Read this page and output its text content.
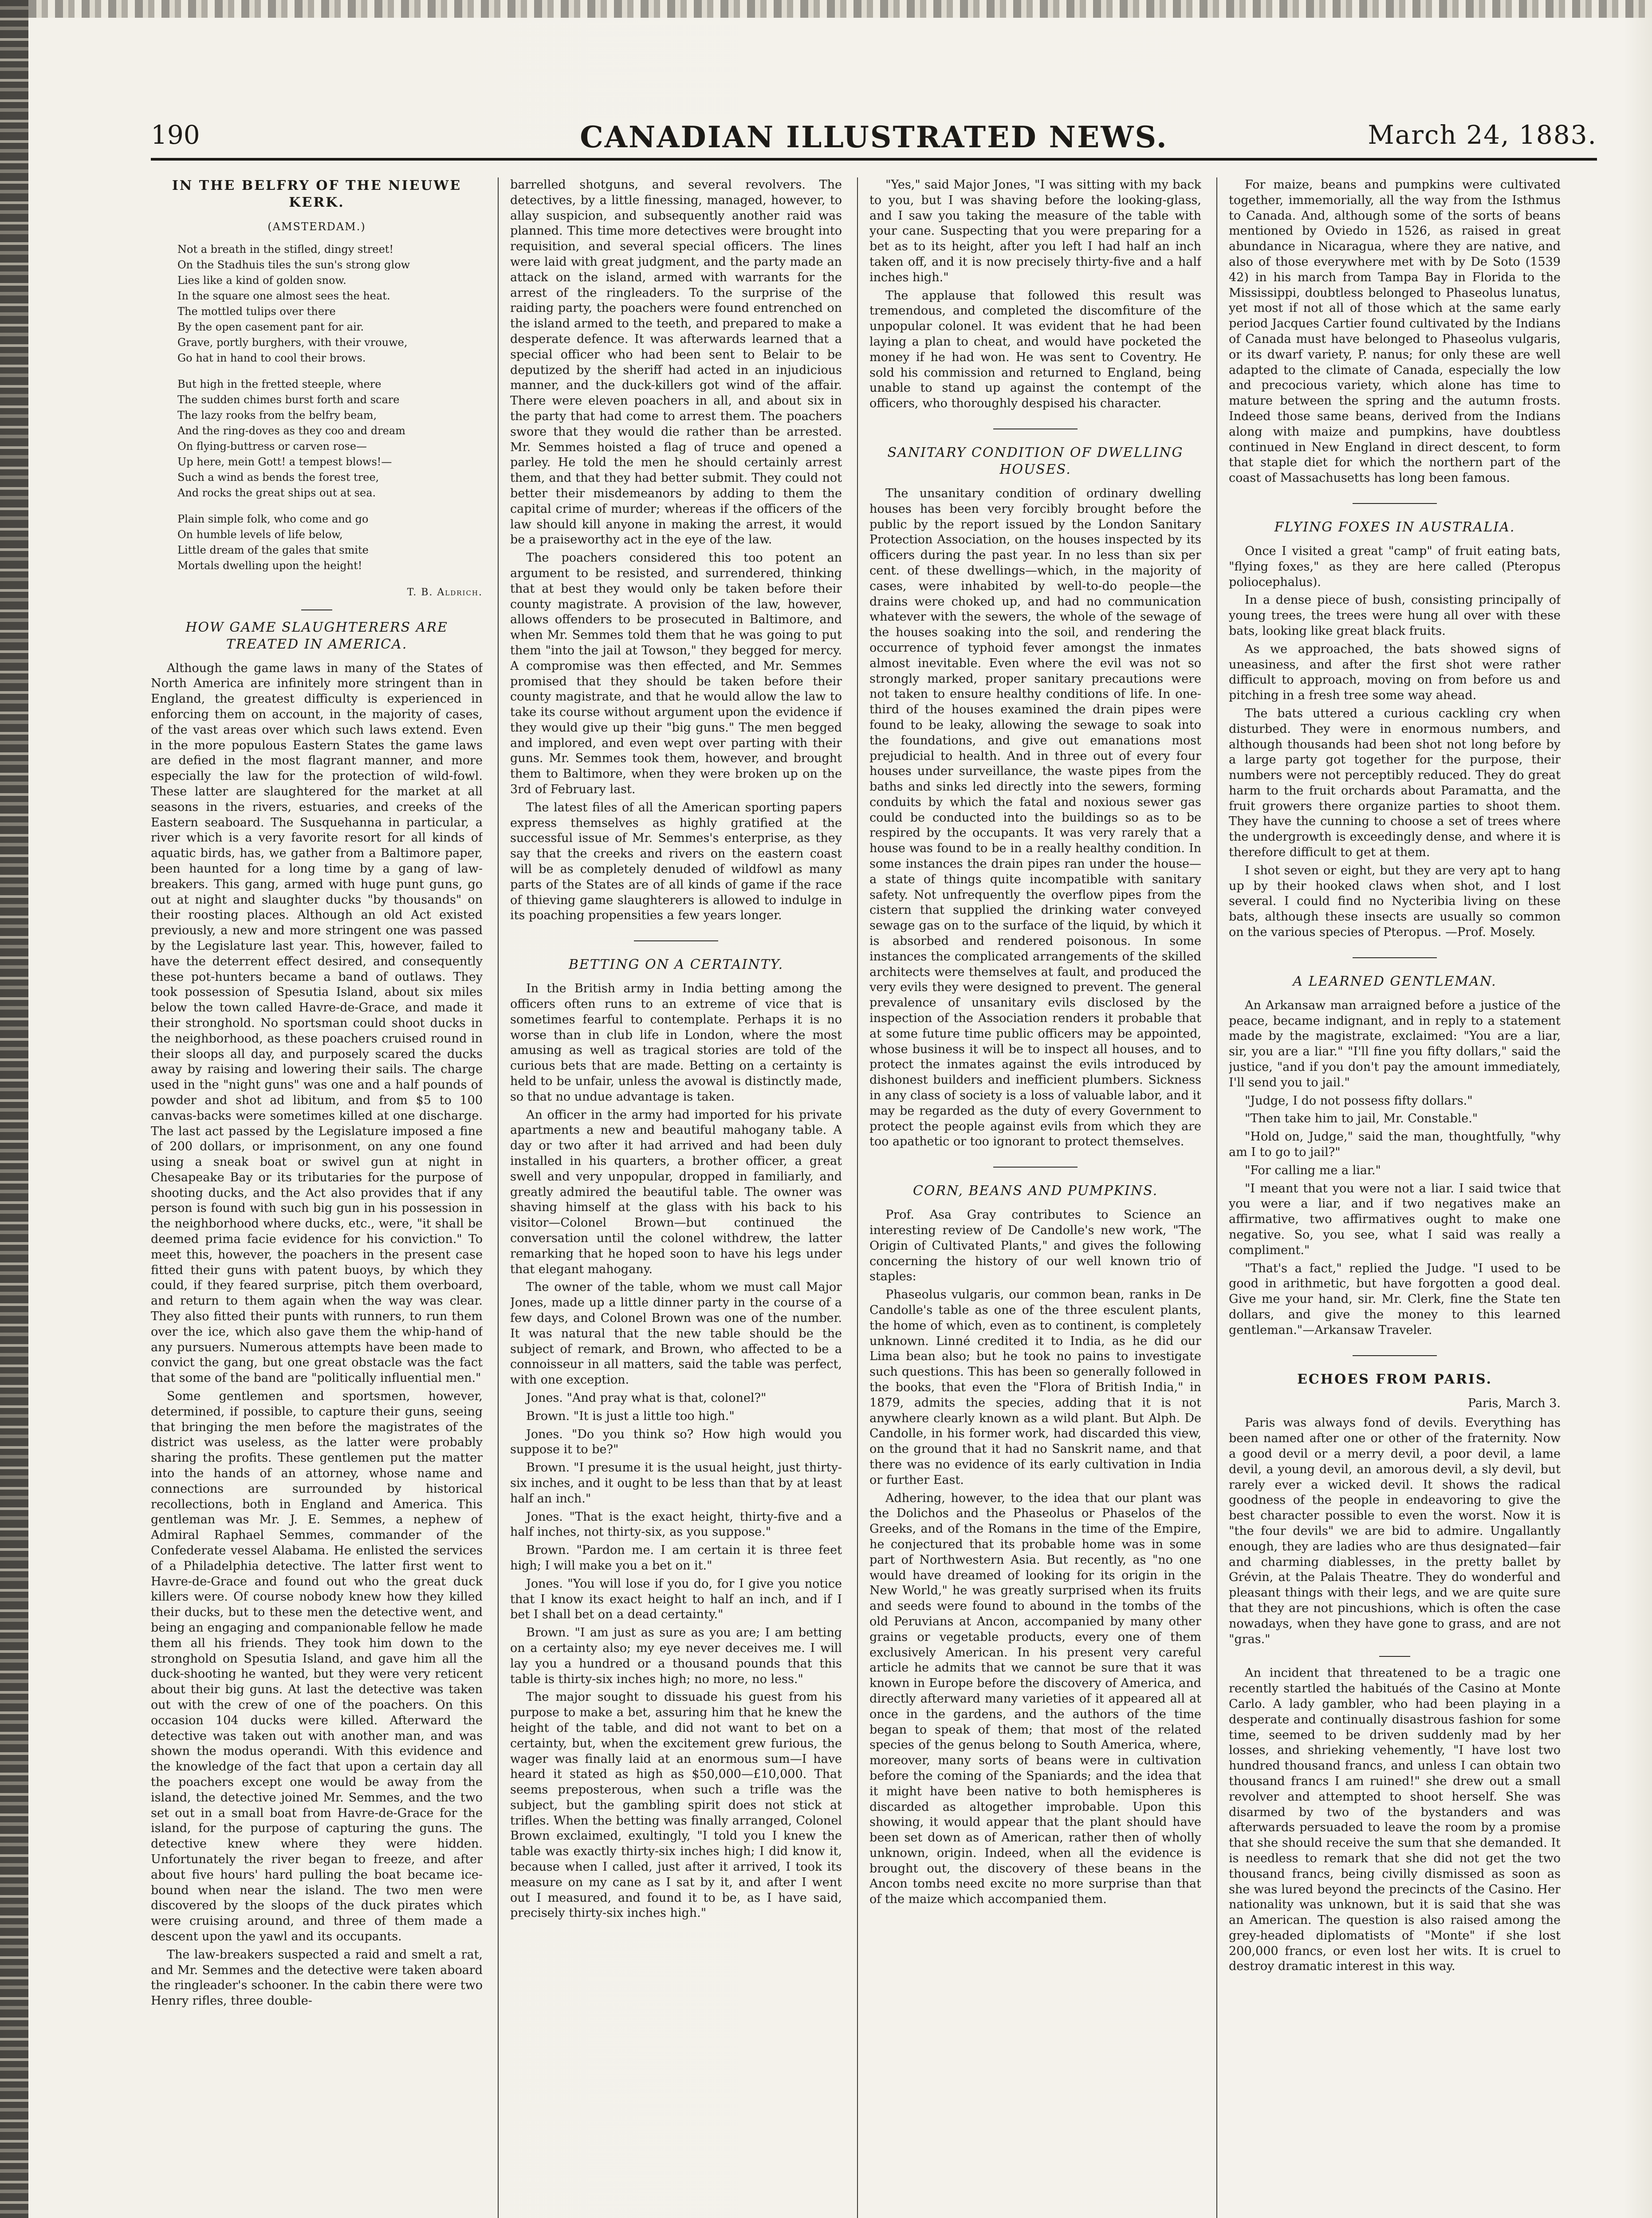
190	CANADIAN ILLUSTRATED NEWS.	March 24, 1883.
IN THE BELFRY OF THE NIEUWE KERK.
(AMSTERDAM.)
Not a breath in the stifled, dingy street!
On the Stadhuis tiles the sun's strong glow
Lies like a kind of golden snow.
In the square one almost sees the heat.
The mottled tulips over there
By the open casement pant for air.
Grave, portly burghers, with their vrouwe,
Go hat in hand to cool their brows.
But high in the fretted steeple, where
The sudden chimes burst forth and scare
The lazy rooks from the belfry beam,
And the ring-doves as they coo and dream
On flying-buttress or carven rose—
Up here, mein Gott! a tempest blows!—
Such a wind as bends the forest tree,
And rocks the great ships out at sea.
Plain simple folk, who come and go
On humble levels of life below,
Little dream of the gales that smite
Mortals dwelling upon the height!
T. B. Aldrich.
HOW GAME SLAUGHTERERS ARE TREATED IN AMERICA.

Although the game laws in many of the States of North America are infinitely more stringent than in England, the greatest difficulty is experienced in enforcing them on account, in the majority of cases, of the vast areas over which such laws extend. Even in the more populous Eastern States the game laws are defied in the most flagrant manner, and more especially the law for the protection of wild-fowl. These latter are slaughtered for the market at all seasons in the rivers, estuaries, and creeks of the Eastern seaboard. The Susquehanna in particular, a river which is a very favorite resort for all kinds of aquatic birds, has, we gather from a Baltimore paper, been haunted for a long time by a gang of law-breakers. This gang, armed with huge punt guns, go out at night and slaughter ducks "by thousands" on their roosting places. Although an old Act existed previously, a new and more stringent one was passed by the Legislature last year. This, however, failed to have the deterrent effect desired, and consequently these pot-hunters became a band of outlaws. They took possession of Spesutia Island, about six miles below the town called Havre-de-Grace, and made it their stronghold. No sportsman could shoot ducks in the neighborhood, as these poachers cruised round in their sloops all day, and purposely scared the ducks away by raising and lowering their sails. The charge used in the "night guns" was one and a half pounds of powder and shot ad libitum, and from $5 to 100 canvas-backs were sometimes killed at one discharge. The last act passed by the Legislature imposed a fine of 200 dollars, or imprisonment, on any one found using a sneak boat or swivel gun at night in Chesapeake Bay or its tributaries for the purpose of shooting ducks, and the Act also provides that if any person is found with such big gun in his possession in the neighborhood where ducks, etc., were, "it shall be deemed prima facie evidence for his conviction." To meet this, however, the poachers in the present case fitted their guns with patent buoys, by which they could, if they feared surprise, pitch them overboard, and return to them again when the way was clear. They also fitted their punts with runners, to run them over the ice, which also gave them the whip-hand of any pursuers. Numerous attempts have been made to convict the gang, but one great obstacle was the fact that some of the band are "politically influential men."

Some gentlemen and sportsmen, however, determined, if possible, to capture their guns, seeing that bringing the men before the magistrates of the district was useless, as the latter were probably sharing the profits. These gentlemen put the matter into the hands of an attorney, whose name and connections are surrounded by historical recollections, both in England and America. This gentleman was Mr. J. E. Semmes, a nephew of Admiral Raphael Semmes, commander of the Confederate vessel Alabama. He enlisted the services of a Philadelphia detective. The latter first went to Havre-de-Grace and found out who the great duck killers were. Of course nobody knew how they killed their ducks, but to these men the detective went, and being an engaging and companionable fellow he made them all his friends. They took him down to the stronghold on Spesutia Island, and gave him all the duck-shooting he wanted, but they were very reticent about their big guns. At last the detective was taken out with the crew of one of the poachers. On this occasion 104 ducks were killed. Afterward the detective was taken out with another man, and was shown the modus operandi. With this evidence and the knowledge of the fact that upon a certain day all the poachers except one would be away from the island, the detective joined Mr. Semmes, and the two set out in a small boat from Havre-de-Grace for the island, for the purpose of capturing the guns. The detective knew where they were hidden. Unfortunately the river began to freeze, and after about five hours' hard pulling the boat became ice-bound when near the island. The two men were discovered by the sloops of the duck pirates which were cruising around, and three of them made a descent upon the yawl and its occupants.

The law-breakers suspected a raid and smelt a rat, and Mr. Semmes and the detective were taken aboard the ringleader's schooner. In the cabin there were two Henry rifles, three double-

barrelled shotguns, and several revolvers. The detectives, by a little finessing, managed, however, to allay suspicion, and subsequently another raid was planned. This time more detectives were brought into requisition, and several special officers. The lines were laid with great judgment, and the party made an attack on the island, armed with warrants for the arrest of the ringleaders. To the surprise of the raiding party, the poachers were found entrenched on the island armed to the teeth, and prepared to make a desperate defence. It was afterwards learned that a special officer who had been sent to Belair to be deputized by the sheriff had acted in an injudicious manner, and the duck-killers got wind of the affair. There were eleven poachers in all, and about six in the party that had come to arrest them. The poachers swore that they would die rather than be arrested. Mr. Semmes hoisted a flag of truce and opened a parley. He told the men he should certainly arrest them, and that they had better submit. They could not better their misdemeanors by adding to them the capital crime of murder; whereas if the officers of the law should kill anyone in making the arrest, it would be a praiseworthy act in the eye of the law.

The poachers considered this too potent an argument to be resisted, and surrendered, thinking that at best they would only be taken before their county magistrate. A provision of the law, however, allows offenders to be prosecuted in Baltimore, and when Mr. Semmes told them that he was going to put them "into the jail at Towson," they begged for mercy. A compromise was then effected, and Mr. Semmes promised that they should be taken before their county magistrate, and that he would allow the law to take its course without argument upon the evidence if they would give up their "big guns." The men begged and implored, and even wept over parting with their guns. Mr. Semmes took them, however, and brought them to Baltimore, when they were broken up on the 3rd of February last.

The latest files of all the American sporting papers express themselves as highly gratified at the successful issue of Mr. Semmes's enterprise, as they say that the creeks and rivers on the eastern coast will be as completely denuded of wildfowl as many parts of the States are of all kinds of game if the race of thieving game slaughterers is allowed to indulge in its poaching propensities a few years longer.

BETTING ON A CERTAINTY.

In the British army in India betting among the officers often runs to an extreme of vice that is sometimes fearful to contemplate. Perhaps it is no worse than in club life in London, where the most amusing as well as tragical stories are told of the curious bets that are made. Betting on a certainty is held to be unfair, unless the avowal is distinctly made, so that no undue advantage is taken.

An officer in the army had imported for his private apartments a new and beautiful mahogany table. A day or two after it had arrived and had been duly installed in his quarters, a brother officer, a great swell and very unpopular, dropped in familiarly, and greatly admired the beautiful table. The owner was shaving himself at the glass with his back to his visitor—Colonel Brown—but continued the conversation until the colonel withdrew, the latter remarking that he hoped soon to have his legs under that elegant mahogany.

The owner of the table, whom we must call Major Jones, made up a little dinner party in the course of a few days, and Colonel Brown was one of the number. It was natural that the new table should be the subject of remark, and Brown, who affected to be a connoisseur in all matters, said the table was perfect, with one exception.

Jones. "And pray what is that, colonel?"

Brown. "It is just a little too high."

Jones. "Do you think so? How high would you suppose it to be?"

Brown. "I presume it is the usual height, just thirty-six inches, and it ought to be less than that by at least half an inch."

Jones. "That is the exact height, thirty-five and a half inches, not thirty-six, as you suppose."

Brown. "Pardon me. I am certain it is three feet high; I will make you a bet on it."

Jones. "You will lose if you do, for I give you notice that I know its exact height to half an inch, and if I bet I shall bet on a dead certainty."

Brown. "I am just as sure as you are; I am betting on a certainty also; my eye never deceives me. I will lay you a hundred or a thousand pounds that this table is thirty-six inches high; no more, no less."

The major sought to dissuade his guest from his purpose to make a bet, assuring him that he knew the height of the table, and did not want to bet on a certainty, but, when the excitement grew furious, the wager was finally laid at an enormous sum—I have heard it stated as high as $50,000—£10,000. That seems preposterous, when such a trifle was the subject, but the gambling spirit does not stick at trifles. When the betting was finally arranged, Colonel Brown exclaimed, exultingly, "I told you I knew the table was exactly thirty-six inches high; I did know it, because when I called, just after it arrived, I took its measure on my cane as I sat by it, and after I went out I measured, and found it to be, as I have said, precisely thirty-six inches high."

"Yes," said Major Jones, "I was sitting with my back to you, but I was shaving before the looking-glass, and I saw you taking the measure of the table with your cane. Suspecting that you were preparing for a bet as to its height, after you left I had half an inch taken off, and it is now precisely thirty-five and a half inches high."

The applause that followed this result was tremendous, and completed the discomfiture of the unpopular colonel. It was evident that he had been laying a plan to cheat, and would have pocketed the money if he had won. He was sent to Coventry. He sold his commission and returned to England, being unable to stand up against the contempt of the officers, who thoroughly despised his character.

SANITARY CONDITION OF DWELLING HOUSES.

The unsanitary condition of ordinary dwelling houses has been very forcibly brought before the public by the report issued by the London Sanitary Protection Association, on the houses inspected by its officers during the past year. In no less than six per cent. of these dwellings—which, in the majority of cases, were inhabited by well-to-do people—the drains were choked up, and had no communication whatever with the sewers, the whole of the sewage of the houses soaking into the soil, and rendering the occurrence of typhoid fever amongst the inmates almost inevitable. Even where the evil was not so strongly marked, proper sanitary precautions were not taken to ensure healthy conditions of life. In one-third of the houses examined the drain pipes were found to be leaky, allowing the sewage to soak into the foundations, and give out emanations most prejudicial to health. And in three out of every four houses under surveillance, the waste pipes from the baths and sinks led directly into the sewers, forming conduits by which the fatal and noxious sewer gas could be conducted into the buildings so as to be respired by the occupants. It was very rarely that a house was found to be in a really healthy condition. In some instances the drain pipes ran under the house—a state of things quite incompatible with sanitary safety. Not unfrequently the overflow pipes from the cistern that supplied the drinking water conveyed sewage gas on to the surface of the liquid, by which it is absorbed and rendered poisonous. In some instances the complicated arrangements of the skilled architects were themselves at fault, and produced the very evils they were designed to prevent. The general prevalence of unsanitary evils disclosed by the inspection of the Association renders it probable that at some future time public officers may be appointed, whose business it will be to inspect all houses, and to protect the inmates against the evils introduced by dishonest builders and inefficient plumbers. Sickness in any class of society is a loss of valuable labor, and it may be regarded as the duty of every Government to protect the people against evils from which they are too apathetic or too ignorant to protect themselves.

CORN, BEANS AND PUMPKINS.

Prof. Asa Gray contributes to Science an interesting review of De Candolle's new work, "The Origin of Cultivated Plants," and gives the following concerning the history of our well known trio of staples:

Phaseolus vulgaris, our common bean, ranks in De Candolle's table as one of the three esculent plants, the home of which, even as to continent, is completely unknown. Linné credited it to India, as he did our Lima bean also; but he took no pains to investigate such questions. This has been so generally followed in the books, that even the "Flora of British India," in 1879, admits the species, adding that it is not anywhere clearly known as a wild plant. But Alph. De Candolle, in his former work, had discarded this view, on the ground that it had no Sanskrit name, and that there was no evidence of its early cultivation in India or further East.

Adhering, however, to the idea that our plant was the Dolichos and the Phaseolus or Phaselos of the Greeks, and of the Romans in the time of the Empire, he conjectured that its probable home was in some part of Northwestern Asia. But recently, as "no one would have dreamed of looking for its origin in the New World," he was greatly surprised when its fruits and seeds were found to abound in the tombs of the old Peruvians at Ancon, accompanied by many other grains or vegetable products, every one of them exclusively American. In his present very careful article he admits that we cannot be sure that it was known in Europe before the discovery of America, and directly afterward many varieties of it appeared all at once in the gardens, and the authors of the time began to speak of them; that most of the related species of the genus belong to South America, where, moreover, many sorts of beans were in cultivation before the coming of the Spaniards; and the idea that it might have been native to both hemispheres is discarded as altogether improbable. Upon this showing, it would appear that the plant should have been set down as of American, rather then of wholly unknown, origin. Indeed, when all the evidence is brought out, the discovery of these beans in the Ancon tombs need excite no more surprise than that of the maize which accompanied them.

For maize, beans and pumpkins were cultivated together, immemorially, all the way from the Isthmus to Canada. And, although some of the sorts of beans mentioned by Oviedo in 1526, as raised in great abundance in Nicaragua, where they are native, and also of those everywhere met with by De Soto (1539 42) in his march from Tampa Bay in Florida to the Mississippi, doubtless belonged to Phaseolus lunatus, yet most if not all of those which at the same early period Jacques Cartier found cultivated by the Indians of Canada must have belonged to Phaseolus vulgaris, or its dwarf variety, P. nanus; for only these are well adapted to the climate of Canada, especially the low and precocious variety, which alone has time to mature between the spring and the autumn frosts. Indeed those same beans, derived from the Indians along with maize and pumpkins, have doubtless continued in New England in direct descent, to form that staple diet for which the northern part of the coast of Massachusetts has long been famous.

FLYING FOXES IN AUSTRALIA.

Once I visited a great "camp" of fruit eating bats, "flying foxes," as they are here called (Pteropus poliocephalus).

In a dense piece of bush, consisting principally of young trees, the trees were hung all over with these bats, looking like great black fruits.

As we approached, the bats showed signs of uneasiness, and after the first shot were rather difficult to approach, moving on from before us and pitching in a fresh tree some way ahead.

The bats uttered a curious cackling cry when disturbed. They were in enormous numbers, and although thousands had been shot not long before by a large party got together for the purpose, their numbers were not perceptibly reduced. They do great harm to the fruit orchards about Paramatta, and the fruit growers there organize parties to shoot them. They have the cunning to choose a set of trees where the undergrowth is exceedingly dense, and where it is therefore difficult to get at them.

I shot seven or eight, but they are very apt to hang up by their hooked claws when shot, and I lost several. I could find no Nycteribia living on these bats, although these insects are usually so common on the various species of Pteropus. —Prof. Mosely.

A LEARNED GENTLEMAN.

An Arkansaw man arraigned before a justice of the peace, became indignant, and in reply to a statement made by the magistrate, exclaimed: "You are a liar, sir, you are a liar." "I'll fine you fifty dollars," said the justice, "and if you don't pay the amount immediately, I'll send you to jail."

"Judge, I do not possess fifty dollars."

"Then take him to jail, Mr. Constable."

"Hold on, Judge," said the man, thoughtfully, "why am I to go to jail?"

"For calling me a liar."

"I meant that you were not a liar. I said twice that you were a liar, and if two negatives make an affirmative, two affirmatives ought to make one negative. So, you see, what I said was really a compliment."

"That's a fact," replied the Judge. "I used to be good in arithmetic, but have forgotten a good deal. Give me your hand, sir. Mr. Clerk, fine the State ten dollars, and give the money to this learned gentleman."—Arkansaw Traveler.

ECHOES FROM PARIS.

Paris, March 3.

Paris was always fond of devils. Everything has been named after one or other of the fraternity. Now a good devil or a merry devil, a poor devil, a lame devil, a young devil, an amorous devil, a sly devil, but rarely ever a wicked devil. It shows the radical goodness of the people in endeavoring to give the best character possible to even the worst. Now it is "the four devils" we are bid to admire. Ungallantly enough, they are ladies who are thus designated—fair and charming diablesses, in the pretty ballet by Grévin, at the Palais Theatre. They do wonderful and pleasant things with their legs, and we are quite sure that they are not pincushions, which is often the case nowadays, when they have gone to grass, and are not "gras."

An incident that threatened to be a tragic one recently startled the habitués of the Casino at Monte Carlo. A lady gambler, who had been playing in a desperate and continually disastrous fashion for some time, seemed to be driven suddenly mad by her losses, and shrieking vehemently, "I have lost two hundred thousand francs, and unless I can obtain two thousand francs I am ruined!" she drew out a small revolver and attempted to shoot herself. She was disarmed by two of the bystanders and was afterwards persuaded to leave the room by a promise that she should receive the sum that she demanded. It is needless to remark that she did not get the two thousand francs, being civilly dismissed as soon as she was lured beyond the precincts of the Casino. Her nationality was unknown, but it is said that she was an American. The question is also raised among the grey-headed diplomatists of "Monte" if she lost 200,000 francs, or even lost her wits. It is cruel to destroy dramatic interest in this way.
